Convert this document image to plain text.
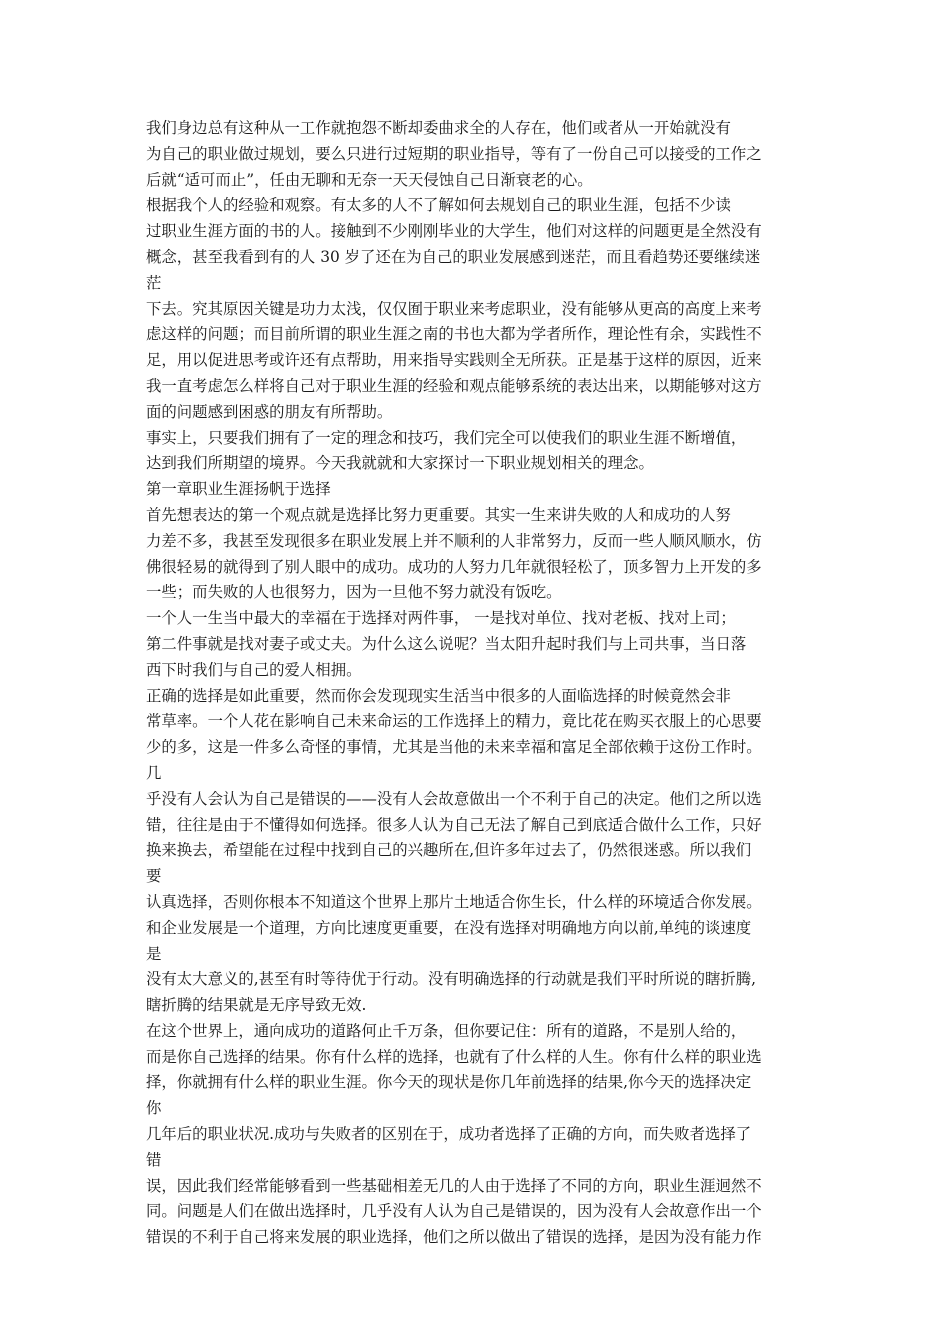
我们身边总有这种从一工作就抱怨不断却委曲求全的人存在，他们或者从一开始就没有
为自己的职业做过规划，要么只进行过短期的职业指导，等有了一份自己可以接受的工作之
后就“适可而止”，任由无聊和无奈一天天侵蚀自己日渐衰老的心。
根据我个人的经验和观察。有太多的人不了解如何去规划自己的职业生涯，包括不少读
过职业生涯方面的书的人。接触到不少刚刚毕业的大学生，他们对这样的问题更是全然没有
概念，甚至我看到有的人 30 岁了还在为自己的职业发展感到迷茫，而且看趋势还要继续迷
茫
下去。究其原因关键是功力太浅，仅仅囿于职业来考虑职业，没有能够从更高的高度上来考
虑这样的问题；而目前所谓的职业生涯之南的书也大都为学者所作，理论性有余，实践性不
足，用以促进思考或许还有点帮助，用来指导实践则全无所获。正是基于这样的原因，近来
我一直考虑怎么样将自己对于职业生涯的经验和观点能够系统的表达出来，以期能够对这方
面的问题感到困惑的朋友有所帮助。
事实上，只要我们拥有了一定的理念和技巧，我们完全可以使我们的职业生涯不断增值，
达到我们所期望的境界。今天我就就和大家探讨一下职业规划相关的理念。
第一章职业生涯扬帆于选择
首先想表达的第一个观点就是选择比努力更重要。其实一生来讲失败的人和成功的人努
力差不多，我甚至发现很多在职业发展上并不顺利的人非常努力，反而一些人顺风顺水，仿
佛很轻易的就得到了别人眼中的成功。成功的人努力几年就很轻松了，顶多智力上开发的多
一些；而失败的人也很努力，因为一旦他不努力就没有饭吃。
一个人一生当中最大的幸福在于选择对两件事， 一是找对单位、找对老板、找对上司；
第二件事就是找对妻子或丈夫。为什么这么说呢？当太阳升起时我们与上司共事，当日落
西下时我们与自己的爱人相拥。
正确的选择是如此重要，然而你会发现现实生活当中很多的人面临选择的时候竟然会非
常草率。一个人花在影响自己未来命运的工作选择上的精力，竟比花在购买衣服上的心思要
少的多，这是一件多么奇怪的事情，尤其是当他的未来幸福和富足全部依赖于这份工作时。
几
乎没有人会认为自己是错误的——没有人会故意做出一个不利于自己的决定。他们之所以选
错，往往是由于不懂得如何选择。很多人认为自己无法了解自己到底适合做什么工作，只好
换来换去，希望能在过程中找到自己的兴趣所在,但许多年过去了，仍然很迷惑。所以我们
要
认真选择，否则你根本不知道这个世界上那片土地适合你生长，什么样的环境适合你发展。
和企业发展是一个道理，方向比速度更重要，在没有选择对明确地方向以前,单纯的谈速度
是
没有太大意义的,甚至有时等待优于行动。没有明确选择的行动就是我们平时所说的瞎折腾,
瞎折腾的结果就是无序导致无效.
在这个世界上，通向成功的道路何止千万条，但你要记住：所有的道路，不是别人给的，
而是你自己选择的结果。你有什么样的选择，也就有了什么样的人生。你有什么样的职业选
择，你就拥有什么样的职业生涯。你今天的现状是你几年前选择的结果,你今天的选择决定
你
几年后的职业状况.成功与失败者的区别在于，成功者选择了正确的方向，而失败者选择了
错
误，因此我们经常能够看到一些基础相差无几的人由于选择了不同的方向，职业生涯迥然不
同。问题是人们在做出选择时，几乎没有人认为自己是错误的，因为没有人会故意作出一个
错误的不利于自己将来发展的职业选择，他们之所以做出了错误的选择，是因为没有能力作
